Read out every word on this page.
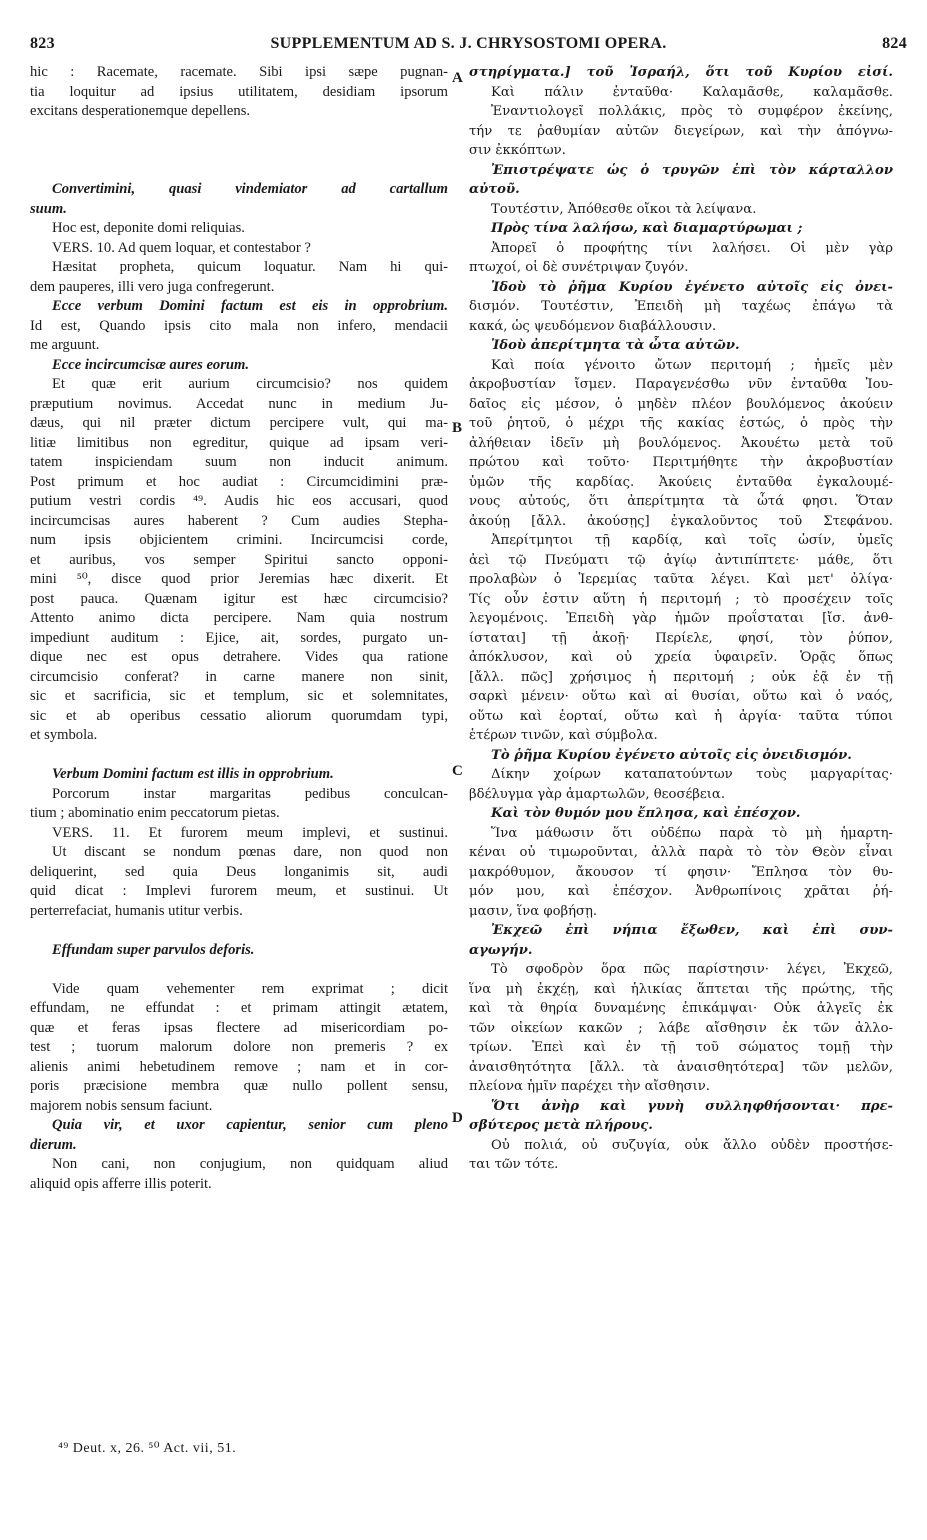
823	SUPPLEMENTUM AD S. J. CHRYSOSTOMI OPERA.	824
hic : Racemate, racemate. Sibi ipsi sæpe pugnan-
tia loquitur ad ipsius utilitatem, desidiam ipsorum
excitans desperationemque depellens.
Convertimini, quasi vindemiator ad cartallum
suum.
Hoc est, deponite domi reliquias.
VERS. 10. Ad quem loquar, et contestabor ?
Hæsitat propheta, quicum loquatur. Nam hi qui-
dem pauperes, illi vero juga confregerunt.
Ecce verbum Domini factum est eis in opprobrium.
Id est, Quando ipsis cito mala non infero, mendacii
me arguunt.
Ecce incircumcisæ aures eorum.
Et quæ erit aurium circumcisio? nos quidem
præputium novimus. Accedat nunc in medium Ju-
dæus, qui nil præter dictum percipere vult, qui ma-
litiæ limitibus non egreditur, quique ad ipsam veri-
tatem inspiciendam suum non inducit animum.
Post primum et hoc audiat : Circumcidimini præ-
putium vestri cordis ⁴⁹. Audis hic eos accusari, quod
incircumcisas aures haberent ? Cum audies Stepha-
num ipsis objicientem crimini. Incircumcisi corde,
et auribus, vos semper Spiritui sancto opponi-
mini ⁵⁰, disce quod prior Jeremias hæc dixerit. Et
post pauca. Quænam igitur est hæc circumcisio?
Attento animo dicta percipere. Nam quia nostrum
impediunt auditum : Ejice, ait, sordes, purgato un-
dique nec est opus detrahere. Vides qua ratione
circumcisio conferat? in carne manere non sinit,
sic et sacrificia, sic et templum, sic et solemnitates,
sic et ab operibus cessatio aliorum quorumdam typi,
et symbola.
Verbum Domini factum est illis in opprobrium.
Porcorum instar margaritas pedibus conculcan-
tium ; abominatio enim peccatorum pietas.
VERS. 11. Et furorem meum implevi, et sustinui.
Ut discant se nondum pœnas dare, non quod non
deliquerint, sed quia Deus longanimis sit, audi
quid dicat : Implevi furorem meum, et sustinui. Ut
perterrefaciat, humanis utitur verbis.
Effundam super parvulos deforis.
Vide quam vehementer rem exprimat ; dicit
effundam, ne effundat : et primam attingit ætatem,
quæ et feras ipsas flectere ad misericordiam po-
test ; tuorum malorum dolore non premeris ? ex
alienis animi hebetudinem remove ; nam et in cor-
poris præcisione membra quæ nullo pollent sensu,
majorem nobis sensum faciunt.
Quia vir, et uxor capientur, senior cum pleno
dierum.
Non cani, non conjugium, non quidquam aliud
aliquid opis afferre illis poterit.
στηρίγματα.] τοῦ Ἰσραήλ, ὅτι τοῦ Κυρίου εἰσί.
Καὶ πάλιν ἐνταῦθα· Καλαμᾶσθε, καλαμᾶσθε.
Ἐναντιολογεῖ πολλάκις, πρὸς τὸ συμφέρον ἐκείνης,
τήν τε ῥαθυμίαν αὐτῶν διεγείρων, καὶ τὴν ἀπόγνω-
σιν ἐκκόπτων.
Ἐπιστρέψατε ὡς ὁ τρυγῶν ἐπὶ τὸν κάρταλλον
αὐτοῦ.
Τουτέστιν, Ἀπόθεσθε οἴκοι τὰ λείψανα.
Πρὸς τίνα λαλήσω, καὶ διαμαρτύρωμαι ;
Ἀπορεῖ ὁ προφήτης τίνι λαλήσει. Οἱ μὲν γὰρ
πτωχοί, οἱ δὲ συνέτριψαν ζυγόν.
Ἰδοὺ τὸ ῥῆμα Κυρίου ἐγένετο αὐτοῖς εἰς ὀνει-
δισμόν. Τουτέστιν, Ἐπειδὴ μὴ ταχέως ἐπάγω τὰ
κακά, ὡς ψευδόμενον διαβάλλουσιν.
Ἰδοὺ ἀπερίτμητα τὰ ὦτα αὐτῶν.
Καὶ ποία γένοιτο ὤτων περιτομή ; ἡμεῖς μὲν
ἀκροβυστίαν ἴσμεν. Παραγενέσθω νῦν ἐνταῦθα Ἰου-
δαῖος εἰς μέσον, ὁ μηδὲν πλέον βουλόμενος ἀκούειν
τοῦ ῥητοῦ, ὁ μέχρι τῆς κακίας ἑστώς, ὁ πρὸς τὴν
ἀλήθειαν ἰδεῖν μὴ βουλόμενος. Ἀκουέτω μετὰ τοῦ
πρώτου καὶ τοῦτο· Περιτμήθητε τὴν ἀκροβυστίαν
ὑμῶν τῆς καρδίας. Ἀκούεις ἐνταῦθα ἐγκαλουμέ-
νους αὐτούς, ὅτι ἀπερίτμητα τὰ ὦτά φησι. Ὅταν
ἀκούῃ [ἄλλ. ἀκούσῃς] ἐγκαλοῦντος τοῦ Στεφάνου.
Ἀπερίτμητοι τῇ καρδίᾳ, καὶ τοῖς ὠσίν, ὑμεῖς
ἀεὶ τῷ Πνεύματι τῷ ἁγίῳ ἀντιπίπτετε· μάθε, ὅτι
προλαβὼν ὁ Ἱερεμίας ταῦτα λέγει. Καὶ μετ' ὀλίγα·
Τίς οὖν ἐστιν αὕτη ἡ περιτομή ; τὸ προσέχειν τοῖς
λεγομένοις. Ἐπειδὴ γὰρ ἡμῶν προΐσταται [ἴσ. ἀνθ-
ίσταται] τῇ ἀκοῇ· Περίελε, φησί, τὸν ῥύπον,
ἀπόκλυσον, καὶ οὐ χρεία ὑφαιρεῖν. Ὁρᾷς ὅπως
[ἄλλ. πῶς] χρήσιμος ἡ περιτομή ; οὐκ ἐᾷ ἐν τῇ
σαρκὶ μένειν· οὕτω καὶ αἱ θυσίαι, οὕτω καὶ ὁ ναός,
οὕτω καὶ ἑορταί, οὕτω καὶ ἡ ἀργία· ταῦτα τύποι
ἑτέρων τινῶν, καὶ σύμβολα.
Τὸ ῥῆμα Κυρίου ἐγένετο αὐτοῖς εἰς ὀνειδισμόν.
Δίκην χοίρων καταπατούντων τοὺς μαργαρίτας·
βδέλυγμα γὰρ ἁμαρτωλῶν, θεοσέβεια.
Καὶ τὸν θυμόν μου ἔπλησα, καὶ ἐπέσχον.
Ἵνα μάθωσιν ὅτι οὐδέπω παρὰ τὸ μὴ ἡμαρτη-
κέναι οὐ τιμωροῦνται, ἀλλὰ παρὰ τὸ τὸν Θεὸν εἶναι
μακρόθυμον, ἄκουσον τί φησιν· Ἔπλησα τὸν θυ-
μόν μου, καὶ ἐπέσχον. Ἀνθρωπίνοις χρᾶται ῥή-
μασιν, ἵνα φοβήσῃ.
Ἐκχεῶ ἐπὶ νήπια ἔξωθεν, καὶ ἐπὶ συν-
αγωγήν.
Τὸ σφοδρὸν ὅρα πῶς παρίστησιν· λέγει, Ἐκχεῶ,
ἵνα μὴ ἐκχέῃ, καὶ ἡλικίας ἅπτεται τῆς πρώτης, τῆς
καὶ τὰ θηρία δυναμένης ἐπικάμψαι· Οὐκ ἀλγεῖς ἐκ
τῶν οἰκείων κακῶν ; λάβε αἴσθησιν ἐκ τῶν ἀλλο-
τρίων. Ἐπεὶ καὶ ἐν τῇ τοῦ σώματος τομῇ τὴν
ἀναισθητότητα [ἄλλ. τὰ ἀναισθητότερα] τῶν μελῶν,
πλείονα ἡμῖν παρέχει τὴν αἴσθησιν.
Ὅτι ἀνὴρ καὶ γυνὴ συλληφθήσονται· πρε-
σβύτερος μετὰ πλήρους.
Οὐ πολιά, οὐ συζυγία, οὐκ ἄλλο οὐδὲν προστήσε-
ται τῶν τότε.
A
B
C
D
⁴⁹ Deut. x, 26. ⁵⁰ Act. vii, 51.
